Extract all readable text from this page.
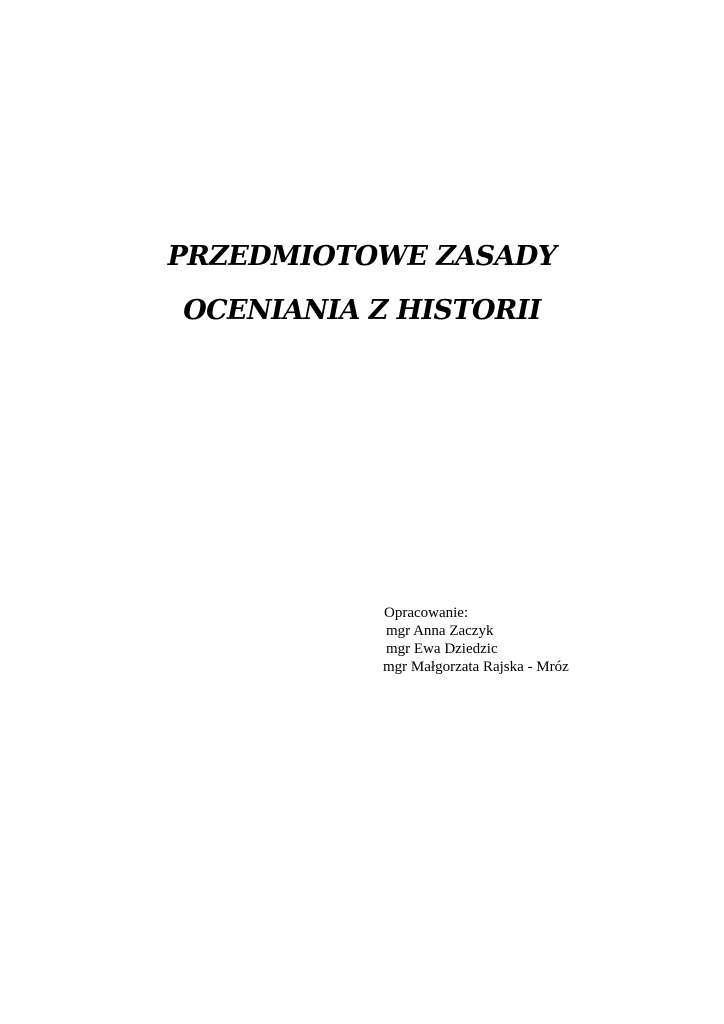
PRZEDMIOTOWE ZASADY
OCENIANIA Z HISTORII
Opracowanie:
mgr Anna Zaczyk
mgr Ewa Dziedzic
mgr Małgorzata Rajska - Mróz
